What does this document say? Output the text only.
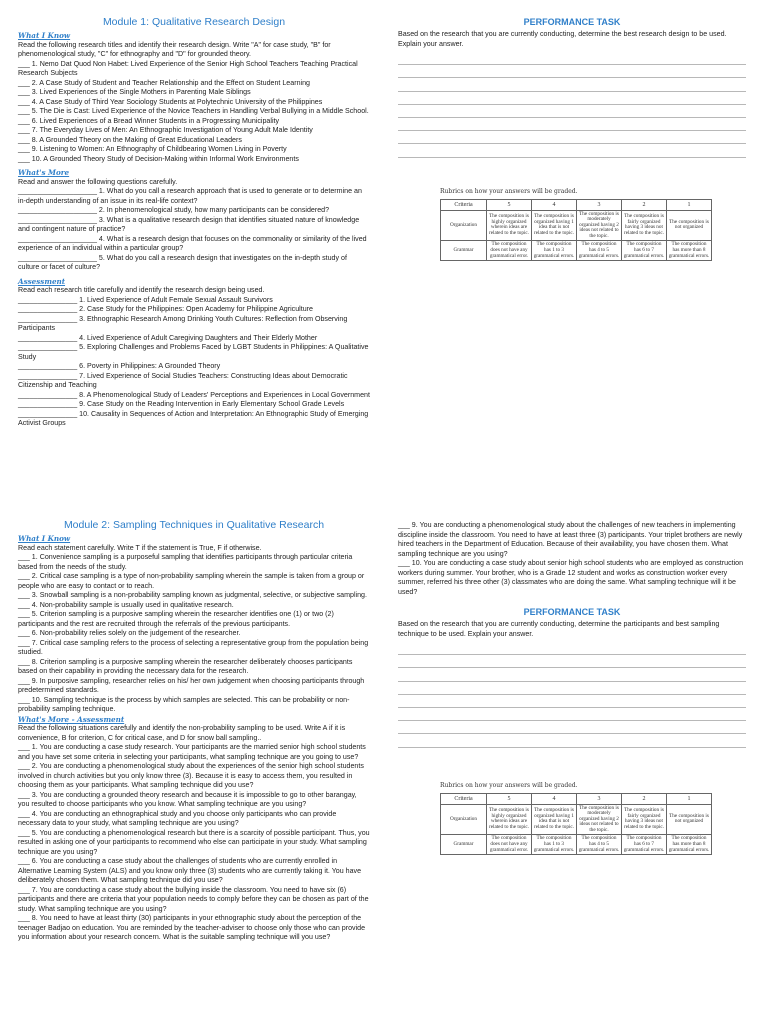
Module 1: Qualitative Research Design
What I Know

Read the following research titles and identify their research design. Write "A" for case study, "B" for phenomenological study, "C" for ethnography and "D" for grounded theory.

___ 1. Nemo Dat Quod Non Habet: Lived Experience of the Senior High School Teachers Teaching Practical Research Subjects

___ 2. A Case Study of Student and Teacher Relationship and the Effect on Student Learning

___ 3. Lived Experiences of the Single Mothers in Parenting Male Siblings

___ 4. A Case Study of Third Year Sociology Students at Polytechnic University of the Philippines

___ 5. The Die is Cast: Lived Experience of the Novice Teachers in Handling Verbal Bullying in a Middle School.

___ 6. Lived Experiences of a Bread Winner Students in a Progressing Municipality

___ 7. The Everyday Lives of Men: An Ethnographic Investigation of Young Adult Male Identity

___ 8. A Grounded Theory on the Making of Great Educational Leaders

___ 9. Listening to Women: An Ethnography of Childbearing Women Living in Poverty

___ 10. A Grounded Theory Study of Decision-Making within Informal Work Environments

What's More

Read and answer the following questions carefully.

____________________ 1. What do you call a research approach that is used to generate or to determine an in-depth understanding of an issue in its real-life context?

____________________ 2. In phenomenological study, how many participants can be considered?

____________________ 3. What is a qualitative research design that identifies situated nature of knowledge and contingent nature of practice?

____________________ 4. What is a research design that focuses on the commonality or similarity of the lived experience of an individual within a particular group?

____________________ 5. What do you call a research design that investigates on the in-depth study of culture or facet of culture?

Assessment

Read each research title carefully and identify the research design being used.

_______________ 1. Lived Experience of Adult Female Sexual Assault Survivors

_______________ 2. Case Study for the Philippines: Open Academy for Philippine Agriculture

_______________ 3. Ethnographic Research Among Drinking Youth Cultures: Reflection from Observing Participants

_______________ 4. Lived Experience of Adult Caregiving Daughters and Their Elderly Mother

_______________ 5. Exploring Challenges and Problems Faced by LGBT Students in Philippines: A Qualitative Study

_______________ 6. Poverty in Philippines: A Grounded Theory

_______________ 7. Lived Experience of Social Studies Teachers: Constructing Ideas about Democratic Citizenship and Teaching

_______________ 8. A Phenomenological Study of Leaders' Perceptions and Experiences in Local Government

_______________ 9. Case Study on the Reading Intervention in Early Elementary School Grade Levels

_______________ 10. Causality in Sequences of Action and Interpretation: An Ethnographic Study of Emerging Activist Groups

PERFORMANCE TASK

Based on the research that you are currently conducting, determine the best research design to be used. Explain your answer.

Rubrics on how your answers will be graded.
Criteria	5	4	3	2	1
Organization	The composition is highly organized wherein ideas are related to the topic.	The composition is organized having 1 idea that is not related to the topic.	The composition is moderately organized having 2 ideas not related to the topic.	The composition is fairly organized having 3 ideas not related to the topic.	The composition is not organized
Grammar	The composition does not have any grammatical error.	The composition has 1 to 3 grammatical errors.	The composition has 4 to 5 grammatical errors.	The composition has 6 to 7 grammatical errors.	The composition has more than 8 grammatical errors.
Module 2: Sampling Techniques in Qualitative Research
What I Know

Read each statement carefully. Write T if the statement is True, F if otherwise.

___ 1. Convenience sampling is a purposeful sampling that identifies participants through particular criteria based from the needs of the study.

___ 2. Critical case sampling is a type of non-probability sampling wherein the sample is taken from a group or people who are easy to contact or to reach.

___ 3. Snowball sampling is a non-probability sampling known as judgmental, selective, or subjective sampling.

___ 4. Non-probability sample is usually used in qualitative research.

___ 5. Criterion sampling is a purposive sampling wherein the researcher identifies one (1) or two (2) participants and the rest are recruited through the referrals of the previous participants.

___ 6. Non-probability relies solely on the judgement of the researcher.

___ 7. Critical case sampling refers to the process of selecting a representative group from the population being studied.

___ 8. Criterion sampling is a purposive sampling wherein the researcher deliberately chooses participants based on their capability in providing the necessary data for the research.

___ 9. In purposive sampling, researcher relies on his/ her own judgement when choosing participants through predetermined standards.

___ 10. Sampling technique is the process by which samples are selected. This can be probability or non-probability sampling technique.

What's More - Assessment

Read the following situations carefully and identify the non-probability sampling to be used. Write A if it is convenience, B for criterion, C for critical case, and D for snow ball sampling..

___ 1. You are conducting a case study research. Your participants are the married senior high school students and you have set some criteria in selecting your participants, what sampling technique are you going to use?

___ 2. You are conducting a phenomenological study about the experiences of the senior high school students involved in church activities but you only know three (3). Because it is easy to access them, you resulted in choosing them as your participants. What sampling technique did you use?

___ 3. You are conducting a grounded theory research and because it is impossible to go to other barangay, you resulted to choose participants who you know. What sampling technique are you using?

___ 4. You are conducting an ethnographical study and you choose only participants who can provide necessary data to your study, what sampling technique are you using?

___ 5. You are conducting a phenomenological research but there is a scarcity of possible participant. Thus, you resulted in asking one of your participants to recommend who else can participate in your study. What sampling technique are you using?

___ 6. You are conducting a case study about the challenges of students who are currently enrolled in Alternative Learning System (ALS) and you know only three (3) students who are currently taking it. You have deliberately chosen them. What sampling technique did you use?

___ 7. You are conducting a case study about the bullying inside the classroom. You need to have six (6) participants and there are criteria that your population needs to comply before they can be chosen as part of the study. What sampling technique are you using?

___ 8. You need to have at least thirty (30) participants in your ethnographic study about the perception of the teenager Badjao on education. You are reminded by the teacher-adviser to choose only those who can provide you information about your research concern. What is the suitable sampling technique will you use?

___ 9. You are conducting a phenomenological study about the challenges of new teachers in implementing discipline inside the classroom. You need to have at least three (3) participants. Your triplet brothers are newly hired teachers in the Department of Education. Because of their availability, you have chosen them. What sampling technique are you using?

___ 10. You are conducting a case study about senior high school students who are employed as construction workers during summer. Your brother, who is a Grade 12 student and works as construction worker every summer, referred his three other (3) classmates who are doing the same. What sampling technique will it be used?

PERFORMANCE TASK

Based on the research that you are currently conducting, determine the participants and best sampling technique to be used. Explain your answer.

Rubrics on how your answers will be graded.
Criteria	5	4	3	2	1
Organization	The composition is highly organized wherein ideas are related to the topic.	The composition is organized having 1 idea that is not related to the topic.	The composition is moderately organized having 2 ideas not related to the topic.	The composition is fairly organized having 3 ideas not related to the topic.	The composition is not organized
Grammar	The composition does not have any grammatical error.	The composition has 1 to 3 grammatical errors.	The composition has 4 to 5 grammatical errors.	The composition has 6 to 7 grammatical errors.	The composition has more than 8 grammatical errors.
